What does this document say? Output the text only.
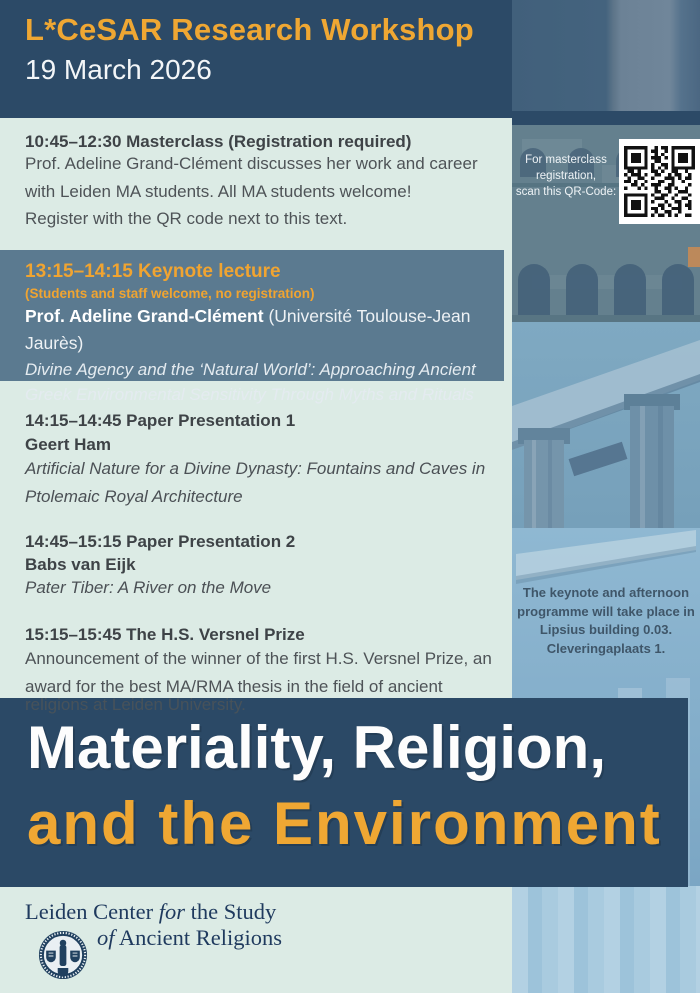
For masterclass
registration,
scan this QR-Code:
The keynote and afternoon
programme will take place in
Lipsius building 0.03.
Cleveringaplaats 1.
L*CeSAR Research Workshop
19 March 2026
10:45–12:30 Masterclass (Registration required)
Prof. Adeline Grand-Clément discusses her work and career
with Leiden MA students. All MA students welcome!
Register with the QR code next to this text.
13:15–14:15 Keynote lecture
(Students and staff welcome, no registration)
Prof. Adeline Grand-Clément (Université Toulouse-Jean Jaurès)
Divine Agency and the ‘Natural World’: Approaching Ancient
Greek Environmental Sensitivity Through Myths and Rituals
14:15–14:45 Paper Presentation 1
Geert Ham
Artificial Nature for a Divine Dynasty: Fountains and Caves in
Ptolemaic Royal Architecture
14:45–15:15 Paper Presentation 2
Babs van Eijk
Pater Tiber: A River on the Move
15:15–15:45 The H.S. Versnel Prize
Announcement of the winner of the first H.S. Versnel Prize, an
award for the best MA/RMA thesis in the field of ancient
Materiality, Religion,
and the Environment
religions at Leiden University.
Leiden Center for the Study
of Ancient Religions
